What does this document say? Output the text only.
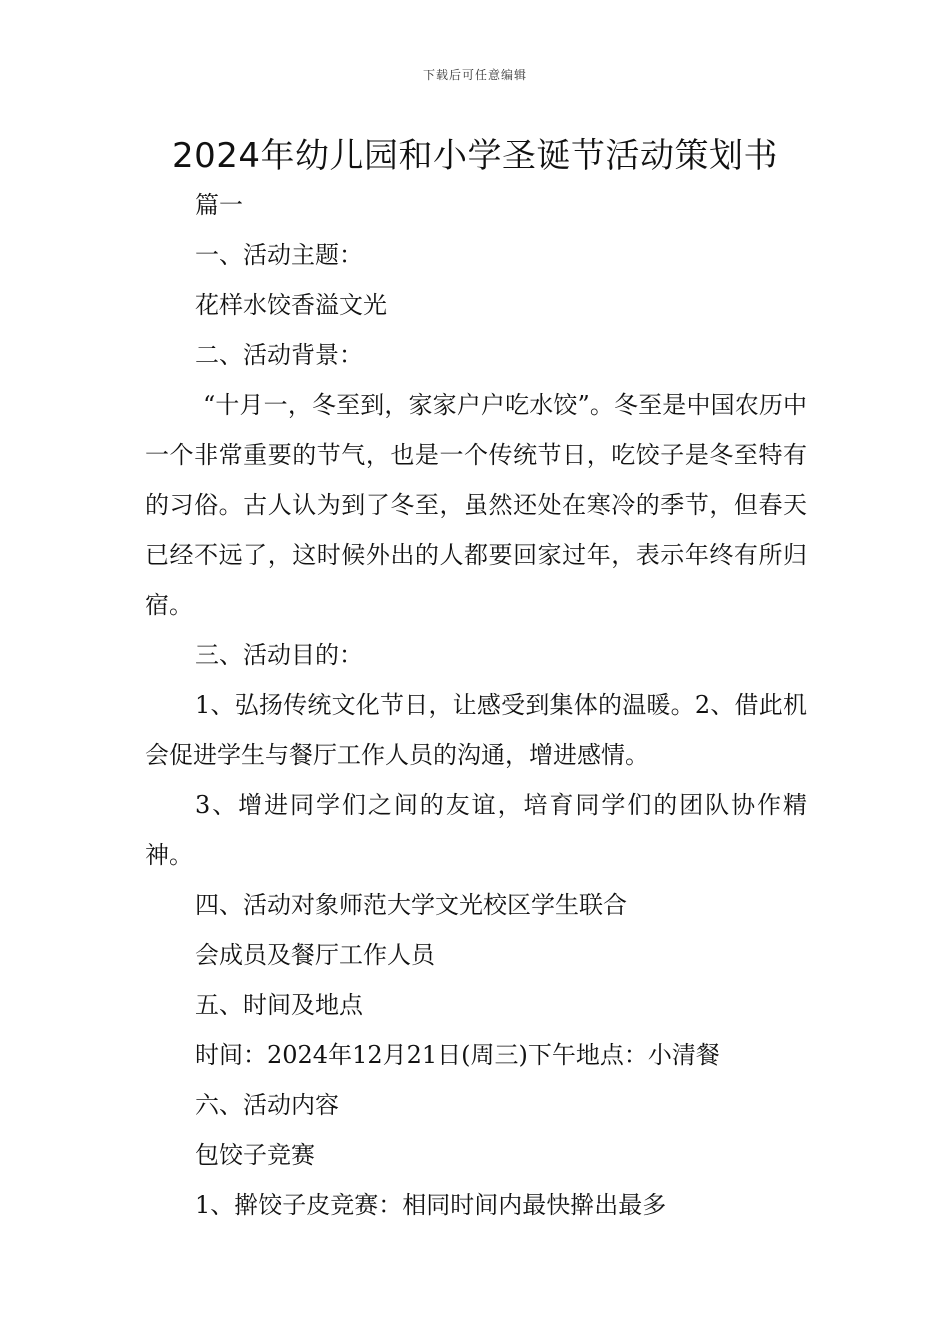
下载后可任意编辑
2024年幼儿园和小学圣诞节活动策划书

篇一

一、活动主题：

花样水饺香溢文光

二、活动背景：

“十月一，冬至到，家家户户吃水饺”。冬至是中国农历中一个非常重要的节气，也是一个传统节日，吃饺子是冬至特有的习俗。古人认为到了冬至，虽然还处在寒冷的季节，但春天已经不远了，这时候外出的人都要回家过年，表示年终有所归宿。

三、活动目的：

1、弘扬传统文化节日，让感受到集体的温暖。2、借此机会促进学生与餐厅工作人员的沟通，增进感情。

3、增进同学们之间的友谊，培育同学们的团队协作精神。

四、活动对象师范大学文光校区学生联合

会成员及餐厅工作人员

五、时间及地点

时间：2024年12月21日(周三)下午地点：小清餐

六、活动内容

包饺子竞赛

1、擀饺子皮竞赛：相同时间内最快擀出最多
